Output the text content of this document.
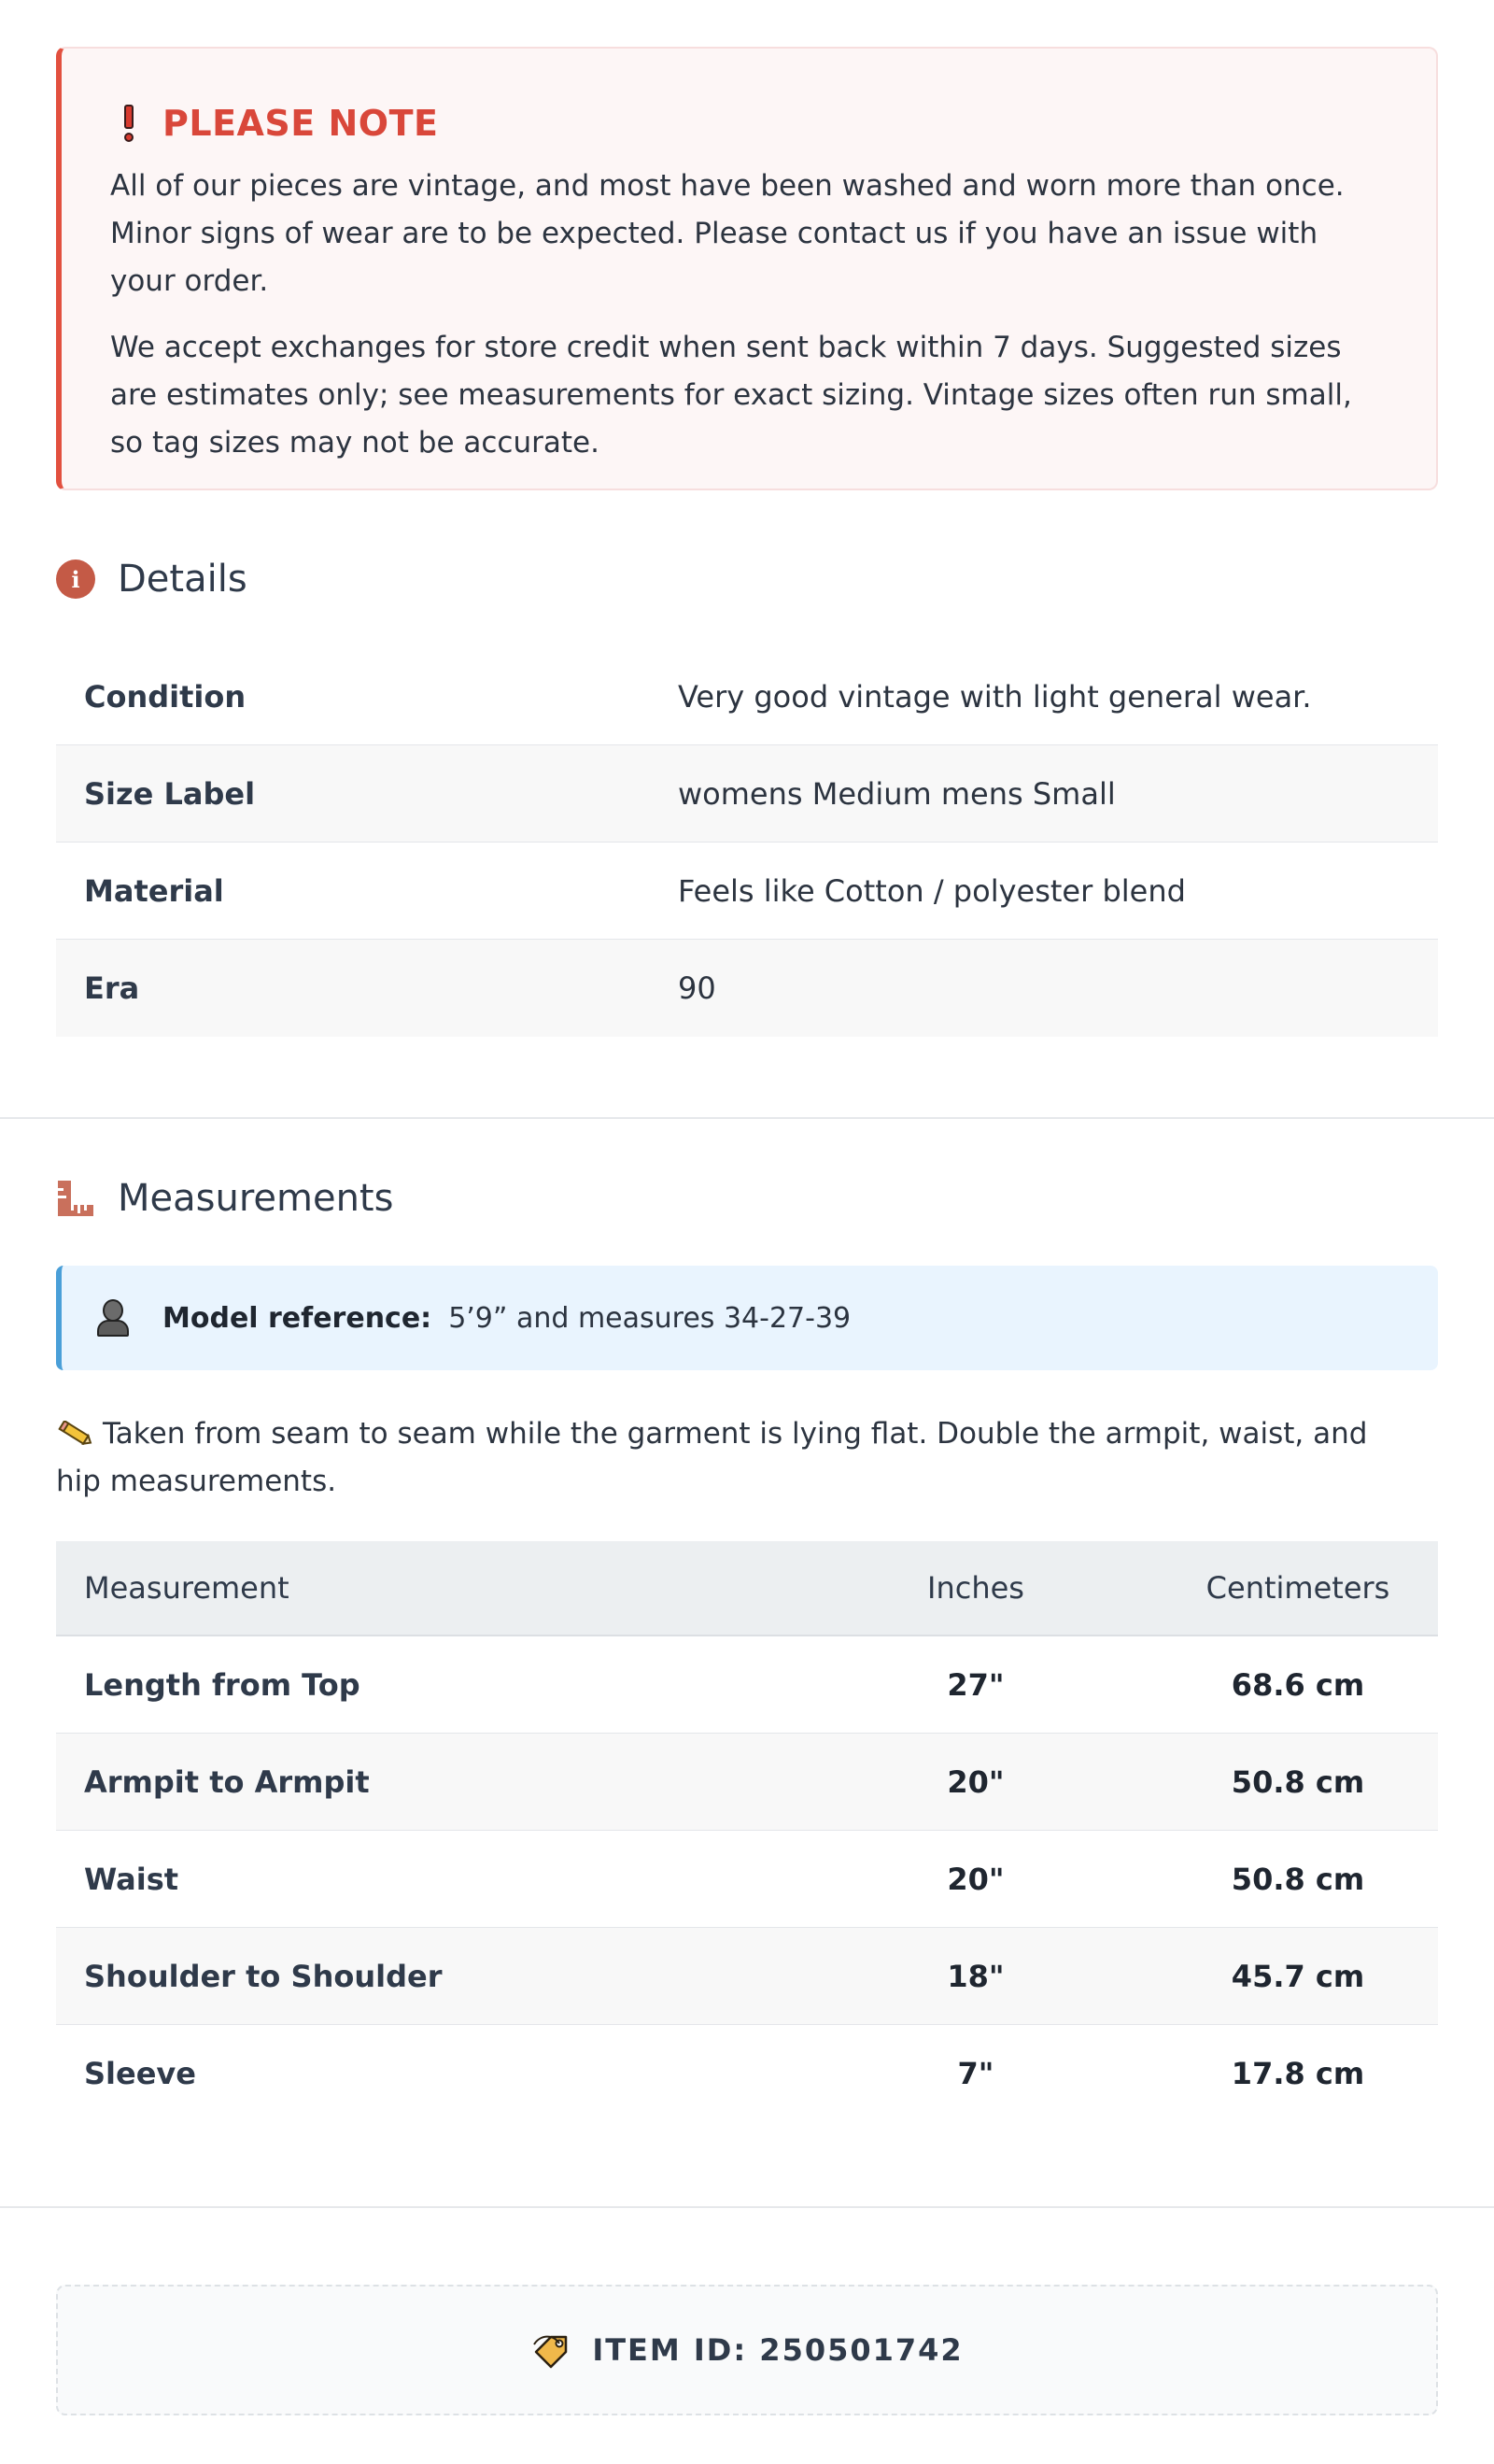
PLEASE NOTE

All of our pieces are vintage, and most have been washed and worn more than once. Minor signs of wear are to be expected. Please contact us if you have an issue with your order.

We accept exchanges for store credit when sent back within 7 days. Suggested sizes are estimates only; see measurements for exact sizing. Vintage sizes often run small, so tag sizes may not be accurate.

i	Details
Condition	Very good vintage with light general wear.
Size Label	womens Medium mens Small
Material	Feels like Cotton / polyester blend
Era	90
Measurements
Model reference: 5’9” and measures 34-27-39
Taken from seam to seam while the garment is lying flat. Double the armpit, waist, and hip measurements.
Measurement	Inches	Centimeters
Length from Top	27"	68.6 cm
Armpit to Armpit	20"	50.8 cm
Waist	20"	50.8 cm
Shoulder to Shoulder	18"	45.7 cm
Sleeve	7"	17.8 cm
ITEM ID: 250501742
